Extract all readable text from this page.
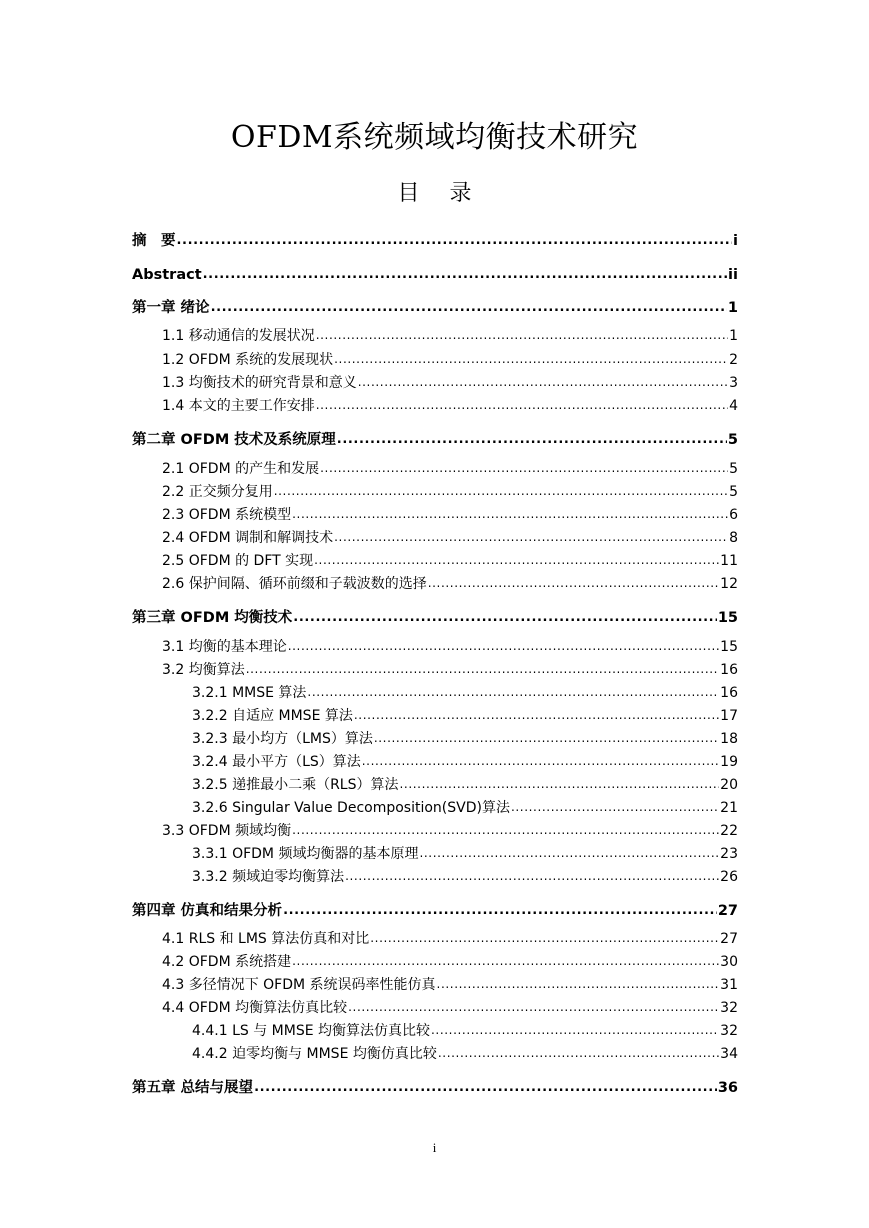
OFDM系统频域均衡技术研究
目 录
摘　要 .....	i
Abstract .....	ii
第一章 绪论 .....	1
1.1 移动通信的发展状况 .....	1
1.2 OFDM 系统的发展现状 .....	2
1.3 均衡技术的研究背景和意义 .....	3
1.4 本文的主要工作安排 .....	4
第二章 OFDM 技术及系统原理 .....	5
2.1 OFDM 的产生和发展 .....	5
2.2 正交频分复用 .....	5
2.3 OFDM 系统模型 .....	6
2.4 OFDM 调制和解调技术 .....	8
2.5 OFDM 的 DFT 实现 .....	11
2.6 保护间隔、循环前缀和子载波数的选择 .....	12
第三章 OFDM 均衡技术 .....	15
3.1 均衡的基本理论 .....	15
3.2 均衡算法 .....	16
3.2.1 MMSE 算法 .....	16
3.2.2 自适应 MMSE 算法 .....	17
3.2.3 最小均方（LMS）算法 .....	18
3.2.4 最小平方（LS）算法 .....	19
3.2.5 递推最小二乘（RLS）算法 .....	20
3.2.6 Singular Value Decomposition(SVD)算法 .....	21
3.3 OFDM 频域均衡 .....	22
3.3.1 OFDM 频域均衡器的基本原理 .....	23
3.3.2 频域迫零均衡算法 .....	26
第四章 仿真和结果分析 .....	27
4.1 RLS 和 LMS 算法仿真和对比 .....	27
4.2 OFDM 系统搭建 .....	30
4.3 多径情况下 OFDM 系统误码率性能仿真 .....	31
4.4 OFDM 均衡算法仿真比较 .....	32
4.4.1 LS 与 MMSE 均衡算法仿真比较 .....	32
4.4.2 迫零均衡与 MMSE 均衡仿真比较 .....	34
第五章 总结与展望 .....	36
i
